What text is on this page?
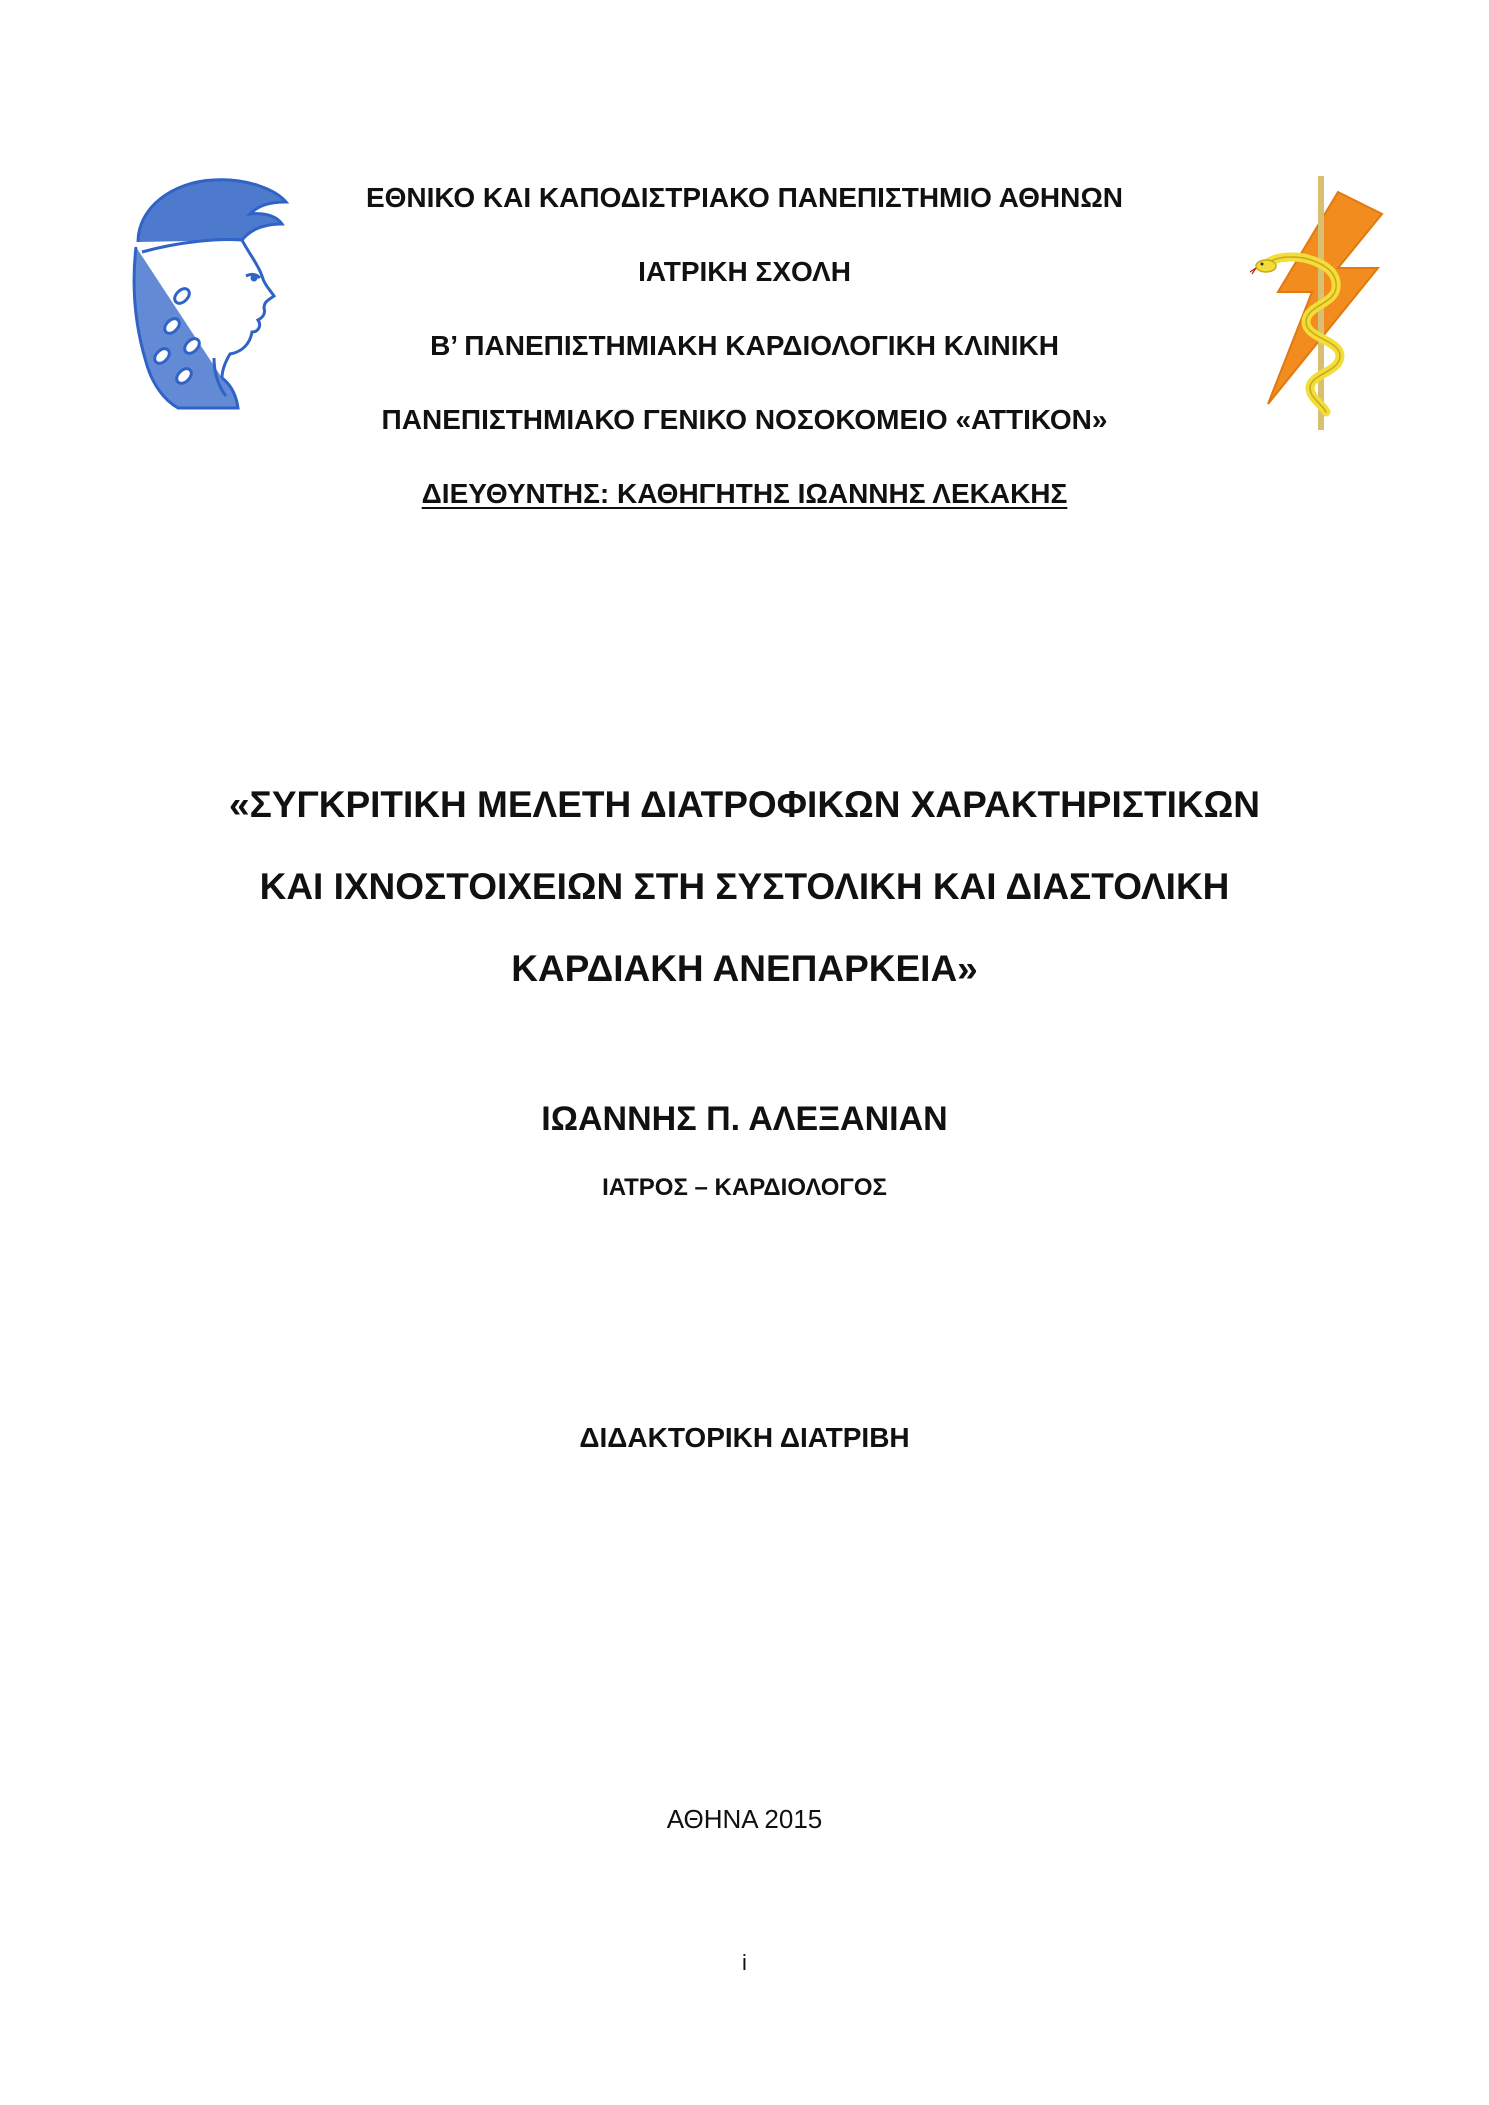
ΕΘΝΙΚΟ ΚΑΙ ΚΑΠΟΔΙΣΤΡΙΑΚΟ ΠΑΝΕΠΙΣΤΗΜΙΟ ΑΘΗΝΩΝ
ΙΑΤΡΙΚΗ ΣΧΟΛΗ
Β’ ΠΑΝΕΠΙΣΤΗΜΙΑΚΗ ΚΑΡΔΙΟΛΟΓΙΚΗ ΚΛΙΝΙΚΗ
ΠΑΝΕΠΙΣΤΗΜΙΑΚΟ ΓΕΝΙΚΟ ΝΟΣΟΚΟΜΕΙΟ «ΑΤΤΙΚΟΝ»
ΔΙΕΥΘΥΝΤΗΣ: ΚΑΘΗΓΗΤΗΣ ΙΩΑΝΝΗΣ ΛΕΚΑΚΗΣ
«ΣΥΓΚΡΙΤΙΚΗ ΜΕΛΕΤΗ ΔΙΑΤΡΟΦΙΚΩΝ ΧΑΡΑΚΤΗΡΙΣΤΙΚΩΝ
ΚΑΙ ΙΧΝΟΣΤΟΙΧΕΙΩΝ ΣΤΗ ΣΥΣΤΟΛΙΚΗ ΚΑΙ ΔΙΑΣΤΟΛΙΚΗ
ΚΑΡΔΙΑΚΗ ΑΝΕΠΑΡΚΕΙΑ»
ΙΩΑΝΝΗΣ Π. ΑΛΕΞΑΝΙΑΝ
ΙΑΤΡΟΣ – ΚΑΡΔΙΟΛΟΓΟΣ
ΔΙΔΑΚΤΟΡΙΚΗ ΔΙΑΤΡΙΒΗ
ΑΘΗΝΑ 2015
i
